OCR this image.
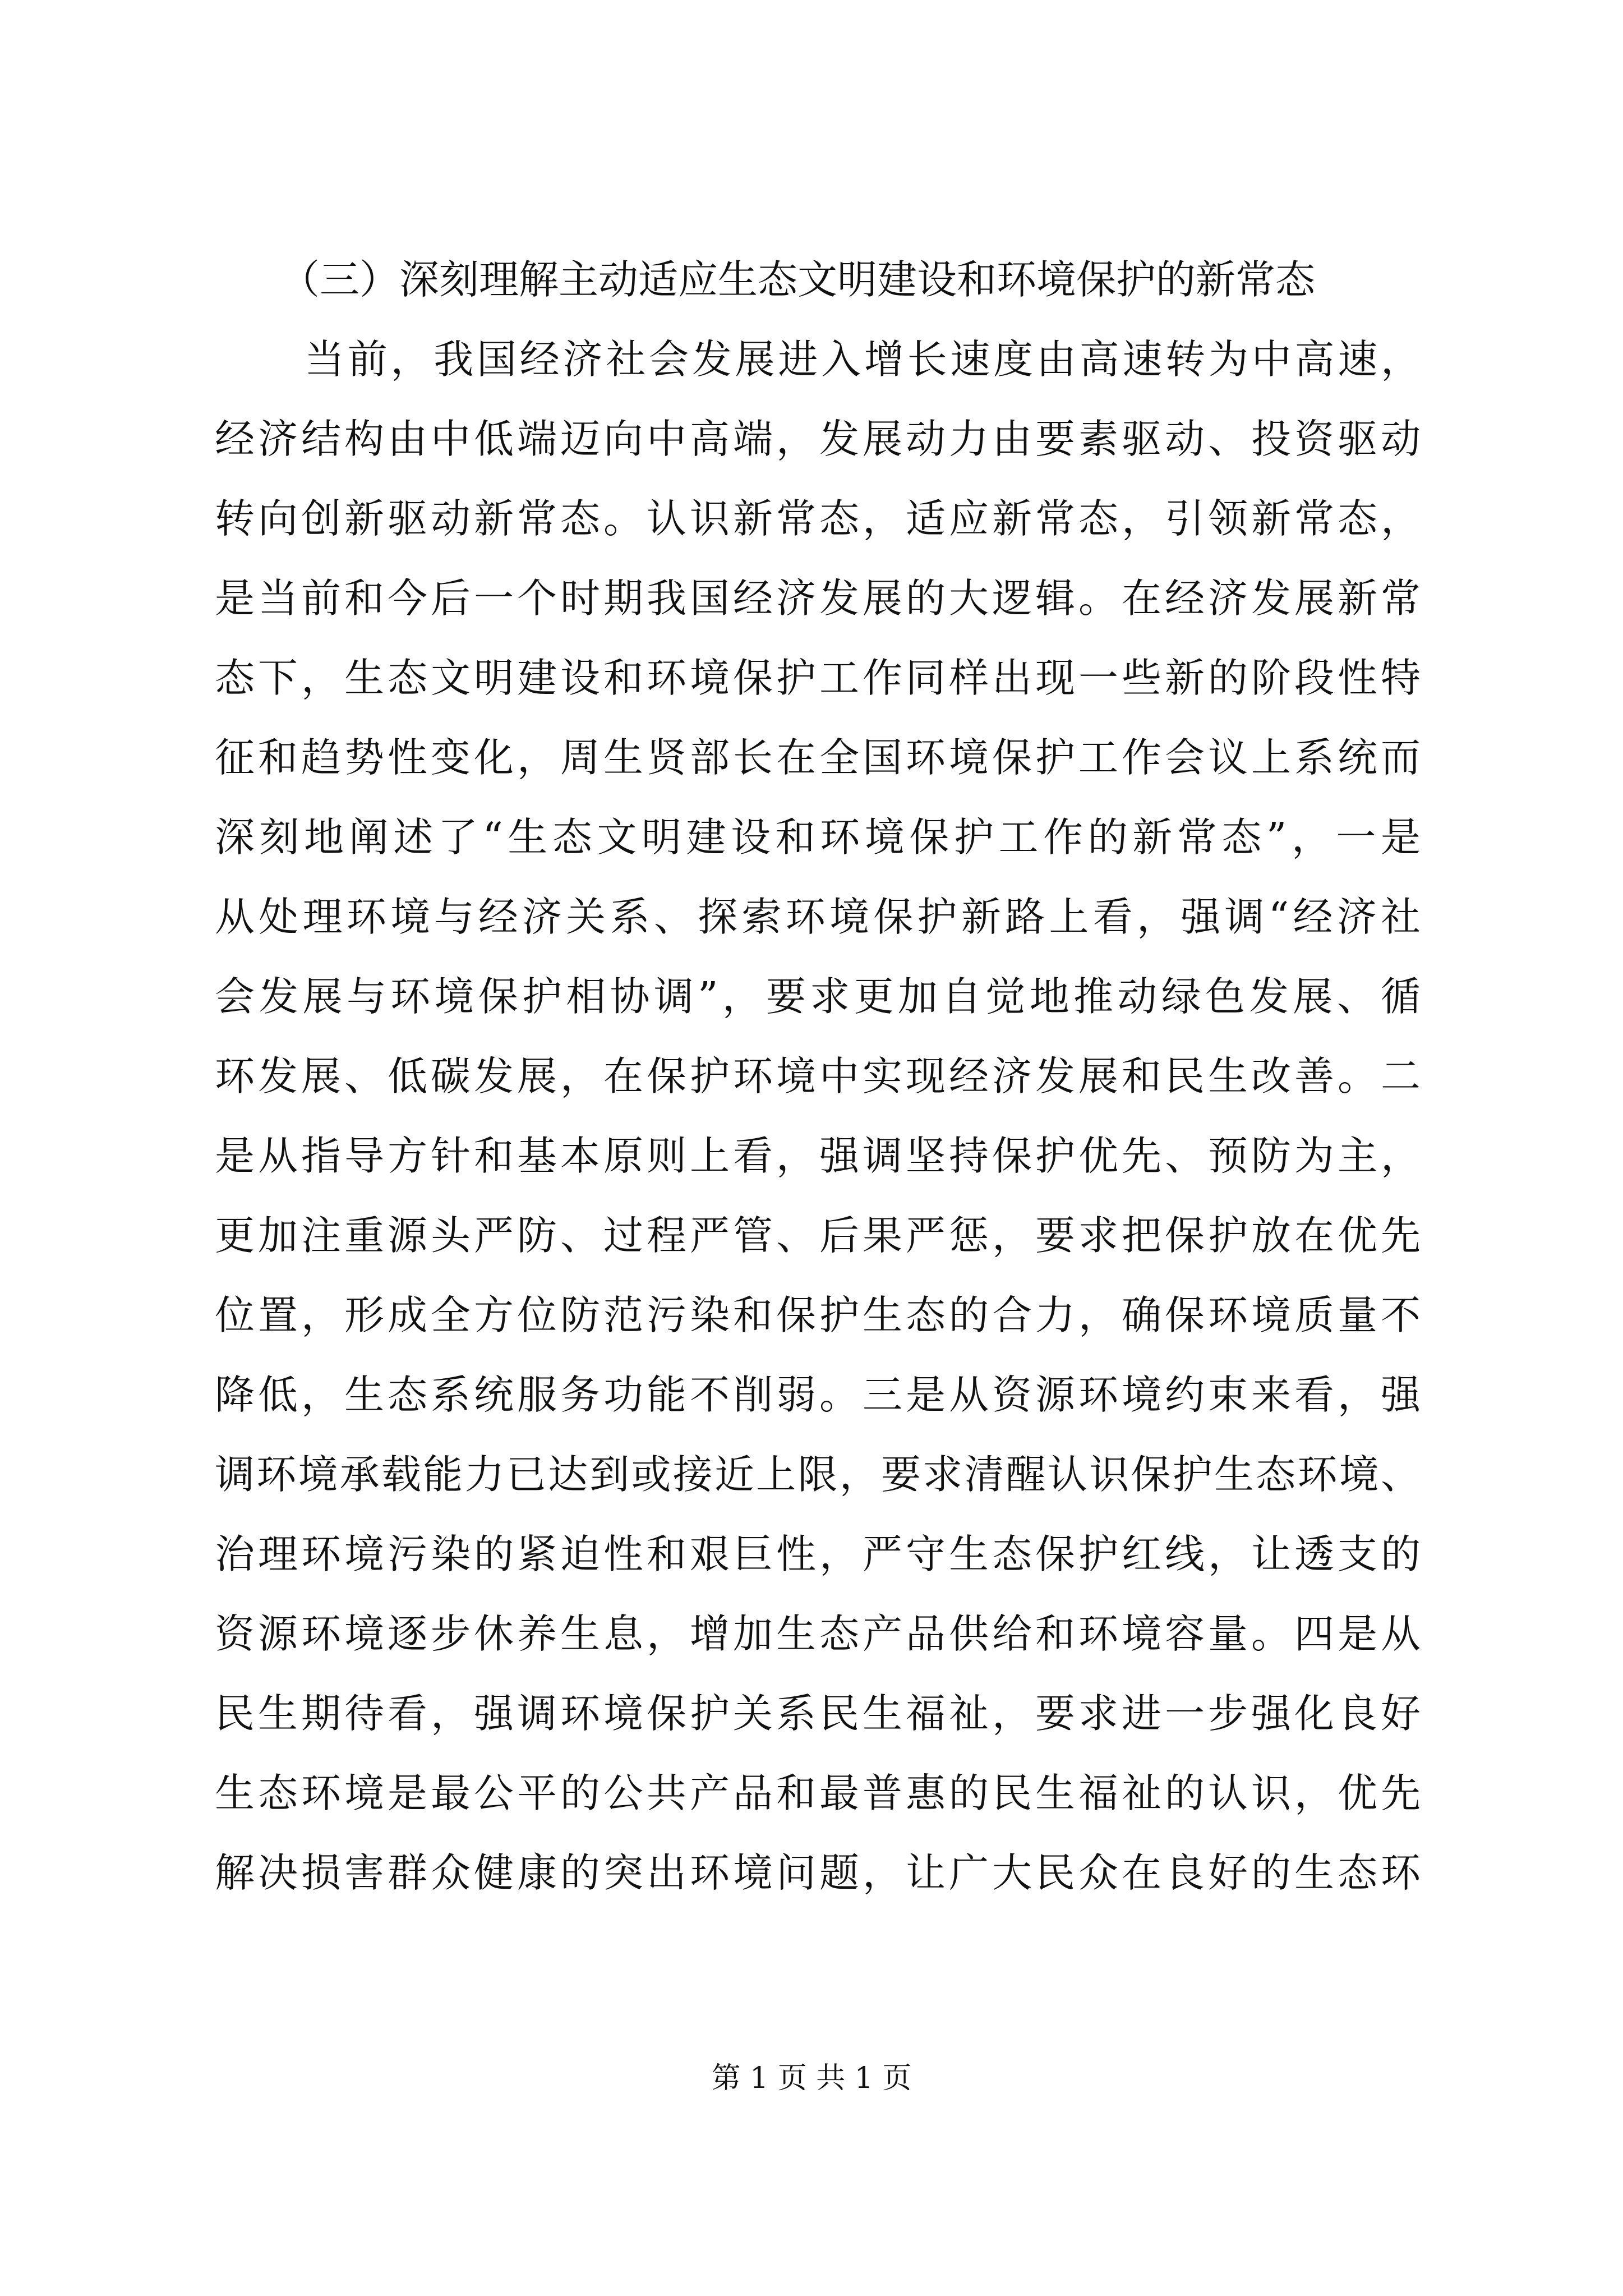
（三）深刻理解主动适应生态文明建设和环境保护的新常态

当前，我国经济社会发展进入增长速度由高速转为中高速，

经济结构由中低端迈向中高端，发展动力由要素驱动、投资驱动

转向创新驱动新常态。认识新常态，适应新常态，引领新常态，

是当前和今后一个时期我国经济发展的大逻辑。在经济发展新常

态下，生态文明建设和环境保护工作同样出现一些新的阶段性特

征和趋势性变化，周生贤部长在全国环境保护工作会议上系统而

深刻地阐述了“生态文明建设和环境保护工作的新常态”，一是

从处理环境与经济关系、探索环境保护新路上看，强调“经济社

会发展与环境保护相协调”，要求更加自觉地推动绿色发展、循

环发展、低碳发展，在保护环境中实现经济发展和民生改善。二

是从指导方针和基本原则上看，强调坚持保护优先、预防为主，

更加注重源头严防、过程严管、后果严惩，要求把保护放在优先

位置，形成全方位防范污染和保护生态的合力，确保环境质量不

降低，生态系统服务功能不削弱。三是从资源环境约束来看，强

调环境承载能力已达到或接近上限，要求清醒认识保护生态环境、

治理环境污染的紧迫性和艰巨性，严守生态保护红线，让透支的

资源环境逐步休养生息，增加生态产品供给和环境容量。四是从

民生期待看，强调环境保护关系民生福祉，要求进一步强化良好

生态环境是最公平的公共产品和最普惠的民生福祉的认识，优先

解决损害群众健康的突出环境问题，让广大民众在良好的生态环

第 1 页 共 1 页
